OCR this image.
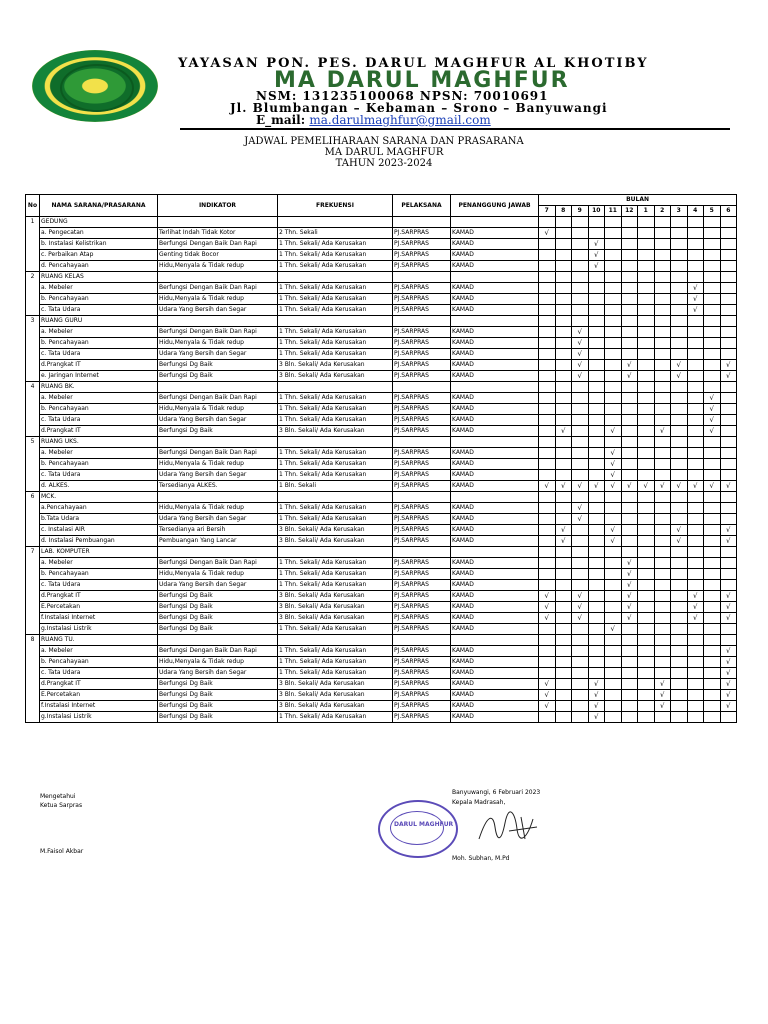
YAYASAN PON. PES. DARUL MAGHFUR AL KHOTIBY
MA DARUL MAGHFUR
NSM: 131235100068 NPSN: 70010691
Jl. Blumbangan – Kebaman – Srono – Banyuwangi
E_mail: ma.darulmaghfur@gmail.com
JADWAL PEMELIHARAAN SARANA DAN PRASARANA
MA DARUL MAGHFUR
TAHUN 2023-2024
No	NAMA SARANA/PRASARANA	INDIKATOR	FREKUENSI	PELAKSANA	PENANGGUNG JAWAB	BULAN											
						7	8	9	10	11	12	1	2	3	4	5	6
1	GEDUNG																
	a. Pengecatan	Terlihat Indah Tidak Kotor	2 Thn. Sekali	PJ.SARPRAS	KAMAD	√											
	b. Instalasi Kelistrikan	Berfungsi Dengan Baik Dan Rapi	1 Thn. Sekali/ Ada Kerusakan	PJ.SARPRAS	KAMAD				√								
	c. Perbaikan Atap	Genting tidak Bocor	1 Thn. Sekali/ Ada Kerusakan	PJ.SARPRAS	KAMAD				√								
	d. Pencahayaan	Hidu,Menyala & Tidak redup	1 Thn. Sekali/ Ada Kerusakan	PJ.SARPRAS	KAMAD				√								
2	RUANG KELAS																
	a. Mebeler	Berfungsi Dengan Baik Dan Rapi	1 Thn. Sekali/ Ada Kerusakan	PJ.SARPRAS	KAMAD										√		
	b. Pencahayaan	Hidu,Menyala & Tidak redup	1 Thn. Sekali/ Ada Kerusakan	PJ.SARPRAS	KAMAD										√		
	c. Tata Udara	Udara Yang Bersih dan Segar	1 Thn. Sekali/ Ada Kerusakan	PJ.SARPRAS	KAMAD										√		
3	RUANG GURU																
	a. Mebeler	Berfungsi Dengan Baik Dan Rapi	1 Thn. Sekali/ Ada Kerusakan	PJ.SARPRAS	KAMAD			√									
	b. Pencahayaan	Hidu,Menyala & Tidak redup	1 Thn. Sekali/ Ada Kerusakan	PJ.SARPRAS	KAMAD			√									
	c. Tata Udara	Udara Yang Bersih dan Segar	1 Thn. Sekali/ Ada Kerusakan	PJ.SARPRAS	KAMAD			√									
	d.Prangkat IT	Berfungsi Dg Baik	3 Bln. Sekali/ Ada Kerusakan	PJ.SARPRAS	KAMAD			√			√			√			√
	e. Jaringan Internet	Berfungsi Dg Baik	3 Bln. Sekali/ Ada Kerusakan	PJ.SARPRAS	KAMAD			√			√			√			√
4	RUANG BK.																
	a. Mebeler	Berfungsi Dengan Baik Dan Rapi	1 Thn. Sekali/ Ada Kerusakan	PJ.SARPRAS	KAMAD											√	
	b. Pencahayaan	Hidu,Menyala & Tidak redup	1 Thn. Sekali/ Ada Kerusakan	PJ.SARPRAS	KAMAD											√	
	c. Tata Udara	Udara Yang Bersih dan Segar	1 Thn. Sekali/ Ada Kerusakan	PJ.SARPRAS	KAMAD											√	
	d.Prangkat IT	Berfungsi Dg Baik	3 Bln. Sekali/ Ada Kerusakan	PJ.SARPRAS	KAMAD		√			√			√			√	
5	RUANG UKS.																
	a. Mebeler	Berfungsi Dengan Baik Dan Rapi	1 Thn. Sekali/ Ada Kerusakan	PJ.SARPRAS	KAMAD					√							
	b. Pencahayaan	Hidu,Menyala & Tidak redup	1 Thn. Sekali/ Ada Kerusakan	PJ.SARPRAS	KAMAD					√							
	c. Tata Udara	Udara Yang Bersih dan Segar	1 Thn. Sekali/ Ada Kerusakan	PJ.SARPRAS	KAMAD					√							
	d. ALKES.	Tersedianya ALKES.	1 Bln. Sekali	PJ.SARPRAS	KAMAD	√	√	√	√	√	√	√	√	√	√	√	√
6	MCK.																
	a.Pencahayaan	Hidu,Menyala & Tidak redup	1 Thn. Sekali/ Ada Kerusakan	PJ.SARPRAS	KAMAD			√									
	b.Tata Udara	Udara Yang Bersih dan Segar	1 Thn. Sekali/ Ada Kerusakan	PJ.SARPRAS	KAMAD			√									
	c. Instalasi AIR	Tersedianya ari Bersih	3 Bln. Sekali/ Ada Kerusakan	PJ.SARPRAS	KAMAD		√			√				√			√
	d. Instalasi Pembuangan	Pembuangan Yang Lancar	3 Bln. Sekali/ Ada Kerusakan	PJ.SARPRAS	KAMAD		√			√				√			√
7	LAB. KOMPUTER																
	a. Mebeler	Berfungsi Dengan Baik Dan Rapi	1 Thn. Sekali/ Ada Kerusakan	PJ.SARPRAS	KAMAD						√						
	b. Pencahayaan	Hidu,Menyala & Tidak redup	1 Thn. Sekali/ Ada Kerusakan	PJ.SARPRAS	KAMAD						√						
	c. Tata Udara	Udara Yang Bersih dan Segar	1 Thn. Sekali/ Ada Kerusakan	PJ.SARPRAS	KAMAD						√						
	d.Prangkat IT	Berfungsi Dg Baik	3 Bln. Sekali/ Ada Kerusakan	PJ.SARPRAS	KAMAD	√		√			√				√		√
	E.Percetakan	Berfungsi Dg Baik	3 Bln. Sekali/ Ada Kerusakan	PJ.SARPRAS	KAMAD	√		√			√				√		√
	f.Instalasi Internet	Berfungsi Dg Baik	3 Bln. Sekali/ Ada Kerusakan	PJ.SARPRAS	KAMAD	√		√			√				√		√
	g.Instalasi Listrik	Berfungsi Dg Baik	1 Thn. Sekali/ Ada Kerusakan	PJ.SARPRAS	KAMAD					√							
8	RUANG TU.																
	a. Mebeler	Berfungsi Dengan Baik Dan Rapi	1 Thn. Sekali/ Ada Kerusakan	PJ.SARPRAS	KAMAD												√
	b. Pencahayaan	Hidu,Menyala & Tidak redup	1 Thn. Sekali/ Ada Kerusakan	PJ.SARPRAS	KAMAD												√
	c. Tata Udara	Udara Yang Bersih dan Segar	1 Thn. Sekali/ Ada Kerusakan	PJ.SARPRAS	KAMAD												√
	d.Prangkat IT	Berfungsi Dg Baik	3 Bln. Sekali/ Ada Kerusakan	PJ.SARPRAS	KAMAD	√			√				√				√
	E.Percetakan	Berfungsi Dg Baik	3 Bln. Sekali/ Ada Kerusakan	PJ.SARPRAS	KAMAD	√			√				√				√
	f.Instalasi Internet	Berfungsi Dg Baik	3 Bln. Sekali/ Ada Kerusakan	PJ.SARPRAS	KAMAD	√			√				√				√
	g.Instalasi Listrik	Berfungsi Dg Baik	1 Thn. Sekali/ Ada Kerusakan	PJ.SARPRAS	KAMAD				√								
Mengetahui
Ketua Sarpras
M.Faisol Akbar
Banyuwangi, 6 Februari 2023
Kepala Madrasah,
DARUL MAGHFUR
Moh. Subhan, M.Pd
